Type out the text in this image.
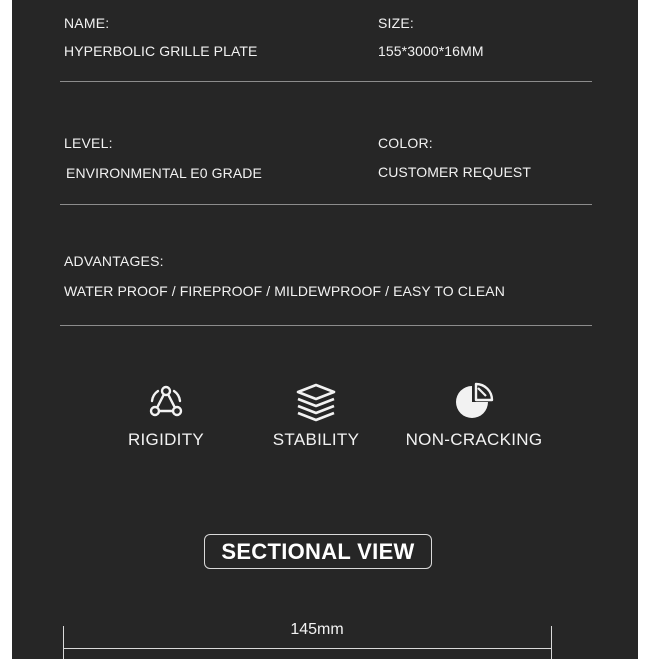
NAME:
HYPERBOLIC GRILLE PLATE
SIZE:
155*3000*16MM
LEVEL:
ENVIRONMENTAL E0 GRADE
COLOR:
CUSTOMER REQUEST
ADVANTAGES:
WATER PROOF / FIREPROOF / MILDEWPROOF / EASY TO CLEAN
RIGIDITY	STABILITY	NON-CRACKING
SECTIONAL VIEW
145mm
